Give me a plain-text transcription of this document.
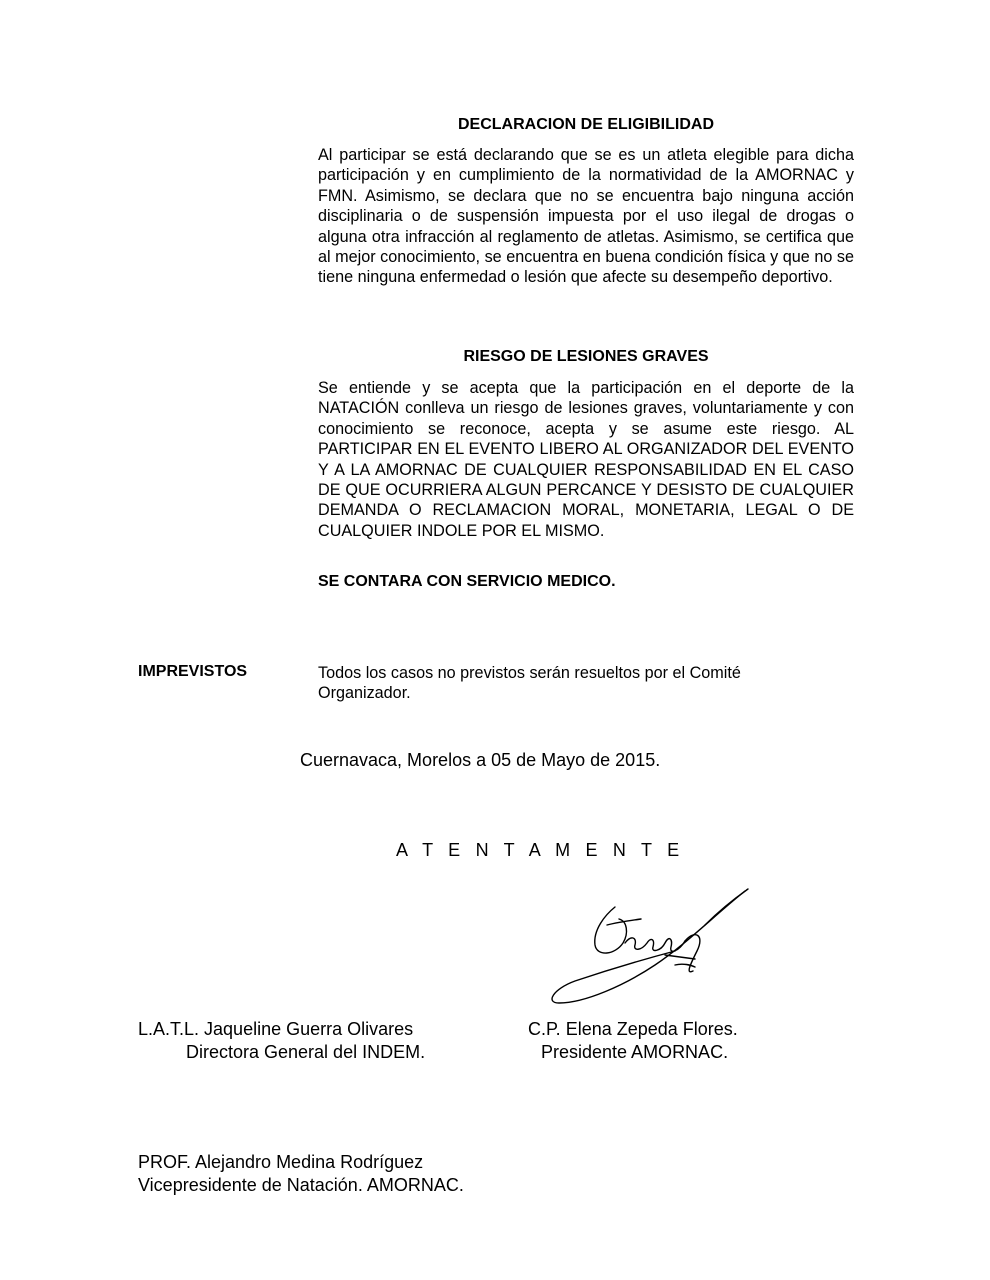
DECLARACION DE ELIGIBILIDAD

Al participar se está declarando que se es un atleta elegible para dicha participación y en cumplimiento de la normatividad de la AMORNAC y FMN. Asimismo, se declara que no se encuentra bajo ninguna acción disciplinaria o de suspensión impuesta por el uso ilegal de drogas o alguna otra infracción al reglamento de atletas. Asimismo, se certifica que al mejor conocimiento, se encuentra en buena condición física y que no se tiene ninguna enfermedad o lesión que afecte su desempeño deportivo.

RIESGO DE LESIONES GRAVES

Se entiende y se acepta que la participación en el deporte de la NATACIÓN conlleva un riesgo de lesiones graves, voluntariamente y con conocimiento se reconoce, acepta y se asume este riesgo. AL PARTICIPAR EN EL EVENTO LIBERO AL ORGANIZADOR DEL EVENTO Y A LA AMORNAC DE CUALQUIER RESPONSABILIDAD EN EL CASO DE QUE OCURRIERA ALGUN PERCANCE Y DESISTO DE CUALQUIER DEMANDA O RECLAMACION MORAL, MONETARIA, LEGAL O DE CUALQUIER INDOLE POR EL MISMO.

SE CONTARA CON SERVICIO MEDICO.

IMPREVISTOS	Todos los casos no previstos serán resueltos por el Comité
Organizador.
Cuernavaca, Morelos a 05 de Mayo de 2015.
A T E N T A M E N T E
L.A.T.L. Jaqueline Guerra Olivares
Directora General del INDEM.
C.P. Elena Zepeda Flores.
Presidente AMORNAC.
PROF. Alejandro Medina Rodríguez
Vicepresidente de Natación. AMORNAC.
